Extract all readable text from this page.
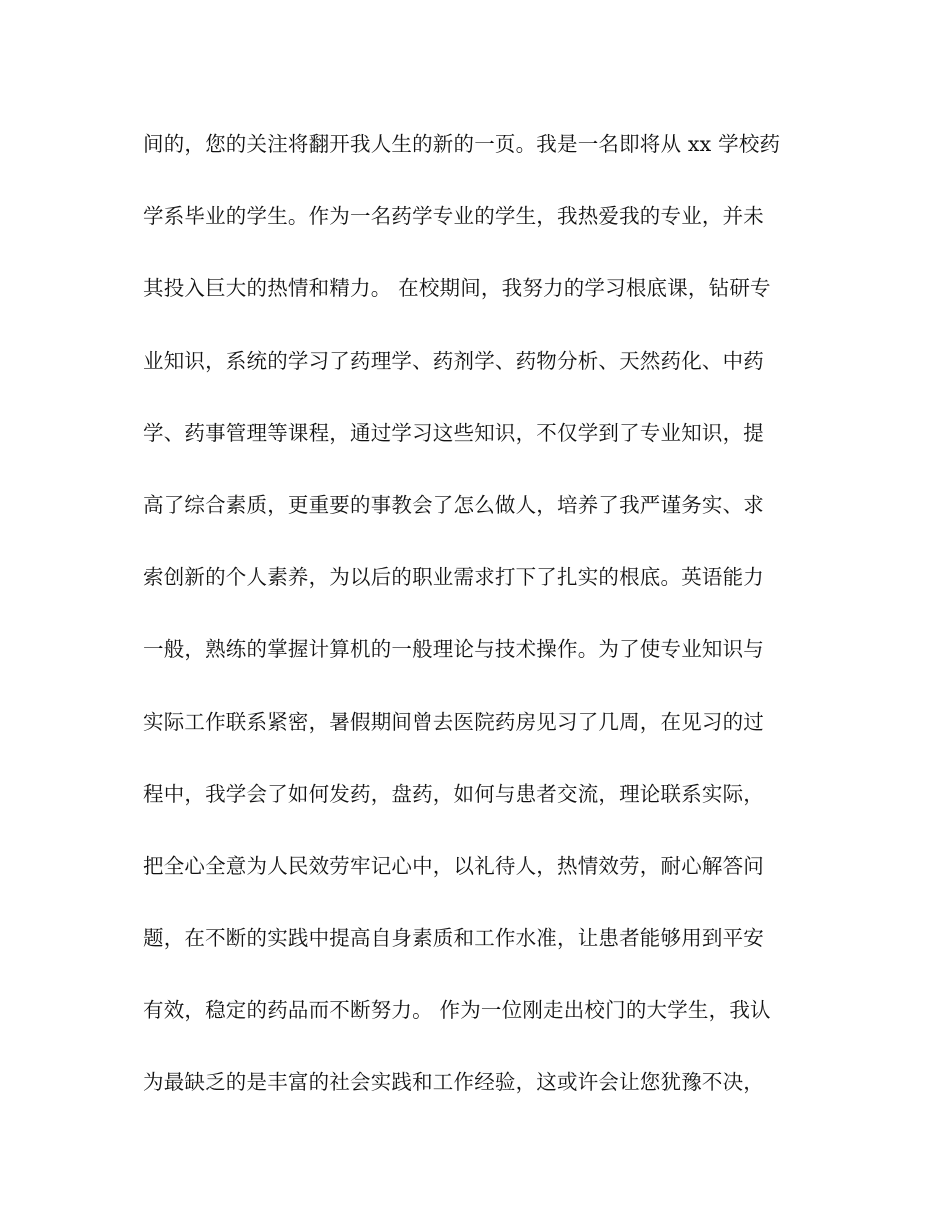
间的，您的关注将翻开我人生的新的一页。我是一名即将从 xx 学校药
学系毕业的学生。作为一名药学专业的学生，我热爱我的专业，并未
其投入巨大的热情和精力。 在校期间，我努力的学习根底课，钻研专
业知识，系统的学习了药理学、药剂学、药物分析、天然药化、中药
学、药事管理等课程，通过学习这些知识，不仅学到了专业知识，提
高了综合素质，更重要的事教会了怎么做人，培养了我严谨务实、求
索创新的个人素养，为以后的职业需求打下了扎实的根底。英语能力
一般，熟练的掌握计算机的一般理论与技术操作。为了使专业知识与
实际工作联系紧密，暑假期间曾去医院药房见习了几周，在见习的过
程中，我学会了如何发药，盘药，如何与患者交流，理论联系实际，
把全心全意为人民效劳牢记心中，以礼待人，热情效劳，耐心解答问
题，在不断的实践中提高自身素质和工作水准，让患者能够用到平安
有效，稳定的药品而不断努力。 作为一位刚走出校门的大学生，我认
为最缺乏的是丰富的社会实践和工作经验，这或许会让您犹豫不决，
